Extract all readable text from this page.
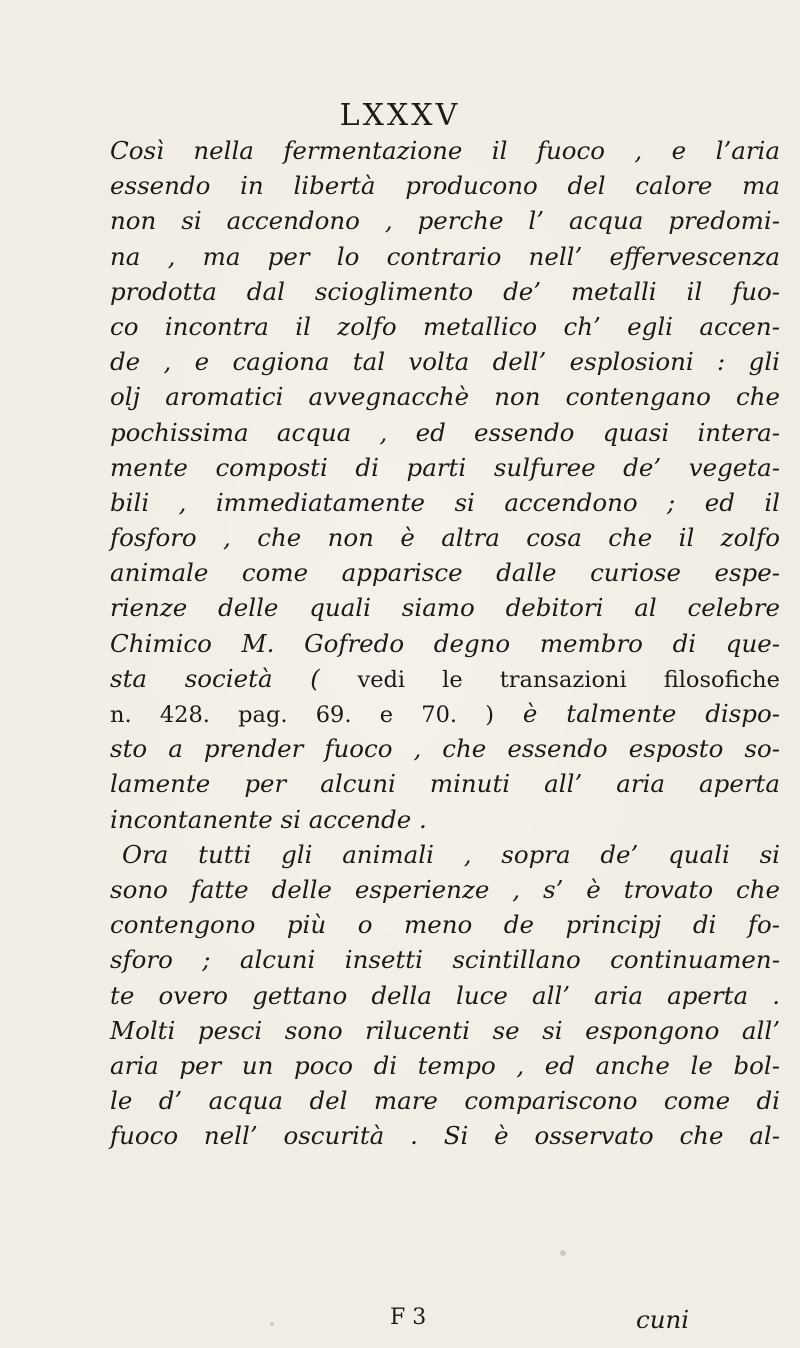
LXXXV
Così nella fermentazione il fuoco , e l’aria
essendo in libertà producono del calore ma
non si accendono , perche l’ acqua predomi-
na , ma per lo contrario nell’ effervescenza
prodotta dal scioglimento de’ metalli il fuo-
co incontra il zolfo metallico ch’ egli accen-
de , e cagiona tal volta dell’ esplosioni : gli
olj aromatici avvegnacchè non contengano che
pochissima acqua , ed essendo quasi intera-
mente composti di parti sulfuree de’ vegeta-
bili , immediatamente si accendono ; ed il
fosforo , che non è altra cosa che il zolfo
animale come apparisce dalle curiose espe-
rienze delle quali siamo debitori al celebre
Chimico M. Gofredo degno membro di que-
sta società ( vedi le transazioni filosofiche
n. 428. pag. 69. e 70. ) è talmente dispo-
sto a prender fuoco , che essendo esposto so-
lamente per alcuni minuti all’ aria aperta
incontanente si accende .
Ora tutti gli animali , sopra de’ quali si
sono fatte delle esperienze , s’ è trovato che
contengono più o meno de principj di fo-
sforo ; alcuni insetti scintillano continuamen-
te overo gettano della luce all’ aria aperta .
Molti pesci sono rilucenti se si espongono all’
aria per un poco di tempo , ed anche le bol-
le d’ acqua del mare compariscono come di
fuoco nell’ oscurità . Si è osservato che al-
F 3	cuni
